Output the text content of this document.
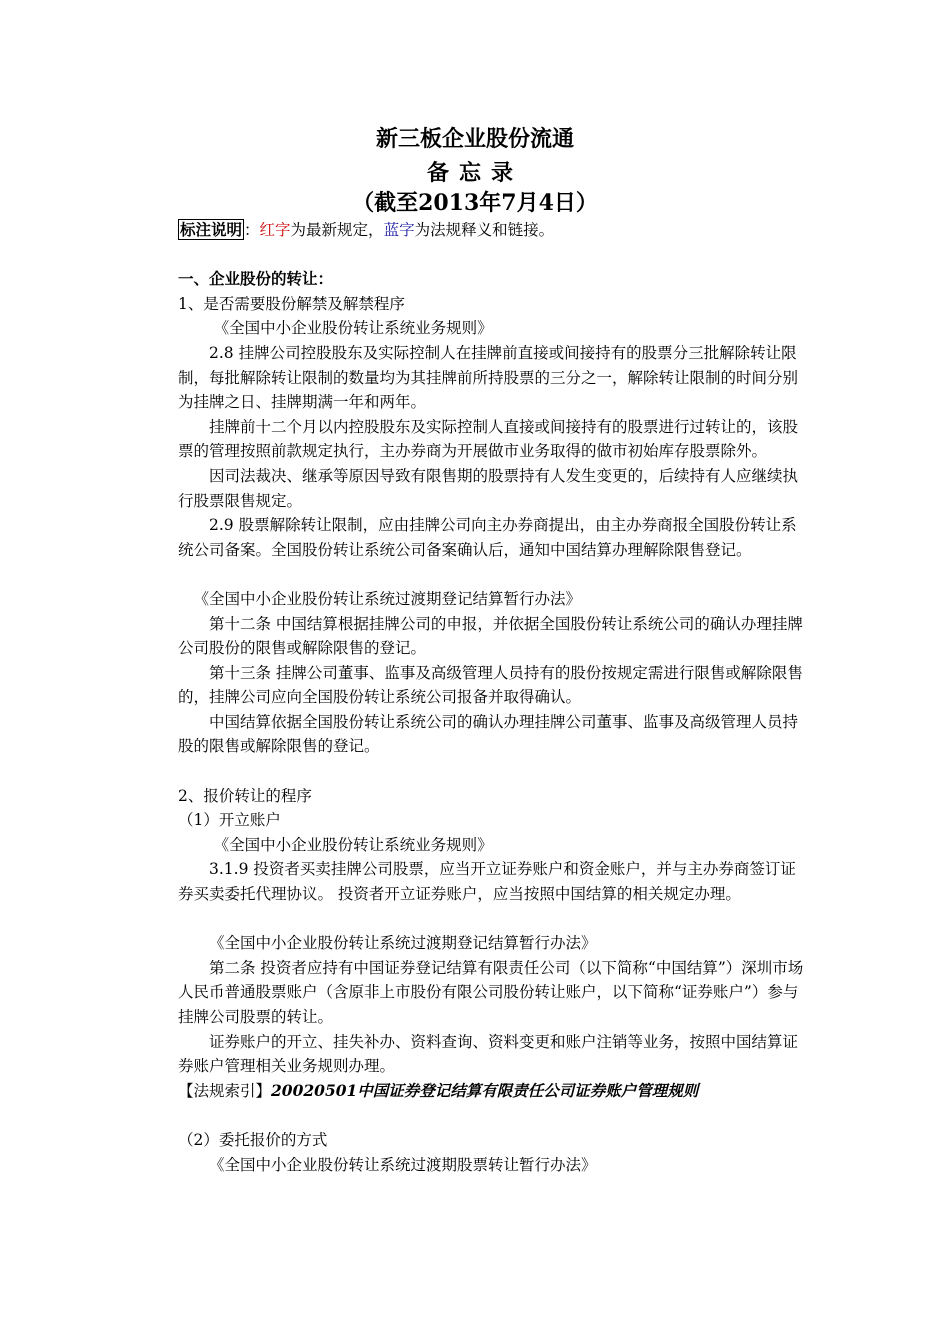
新三板企业股份流通
备忘录
（截至2013年7月4日）

标注说明 ：红字为最新规定，蓝字为法规释义和链接。

一、企业股份的转让：

1、是否需要股份解禁及解禁程序

《全国中小企业股份转让系统业务规则》

2.8 挂牌公司控股股东及实际控制人在挂牌前直接或间接持有的股票分三批解除转让限制，每批解除转让限制的数量均为其挂牌前所持股票的三分之一，解除转让限制的时间分别为挂牌之日、挂牌期满一年和两年。

挂牌前十二个月以内控股股东及实际控制人直接或间接持有的股票进行过转让的，该股票的管理按照前款规定执行，主办券商为开展做市业务取得的做市初始库存股票除外。

因司法裁决、继承等原因导致有限售期的股票持有人发生变更的，后续持有人应继续执行股票限售规定。

2.9 股票解除转让限制，应由挂牌公司向主办券商提出，由主办券商报全国股份转让系统公司备案。全国股份转让系统公司备案确认后，通知中国结算办理解除限售登记。

《全国中小企业股份转让系统过渡期登记结算暂行办法》

第十二条 中国结算根据挂牌公司的申报，并依据全国股份转让系统公司的确认办理挂牌公司股份的限售或解除限售的登记。

第十三条 挂牌公司董事、监事及高级管理人员持有的股份按规定需进行限售或解除限售的，挂牌公司应向全国股份转让系统公司报备并取得确认。

中国结算依据全国股份转让系统公司的确认办理挂牌公司董事、监事及高级管理人员持股的限售或解除限售的登记。

2、报价转让的程序

（1）开立账户

《全国中小企业股份转让系统业务规则》

3.1.9 投资者买卖挂牌公司股票，应当开立证券账户和资金账户，并与主办券商签订证券买卖委托代理协议。 投资者开立证券账户，应当按照中国结算的相关规定办理。

《全国中小企业股份转让系统过渡期登记结算暂行办法》

第二条 投资者应持有中国证券登记结算有限责任公司（以下简称“中国结算”）深圳市场人民币普通股票账户（含原非上市股份有限公司股份转让账户，以下简称“证券账户”）参与挂牌公司股票的转让。

证券账户的开立、挂失补办、资料查询、资料变更和账户注销等业务，按照中国结算证券账户管理相关业务规则办理。

【法规索引】20020501中国证券登记结算有限责任公司证券账户管理规则

（2）委托报价的方式

《全国中小企业股份转让系统过渡期股票转让暂行办法》
